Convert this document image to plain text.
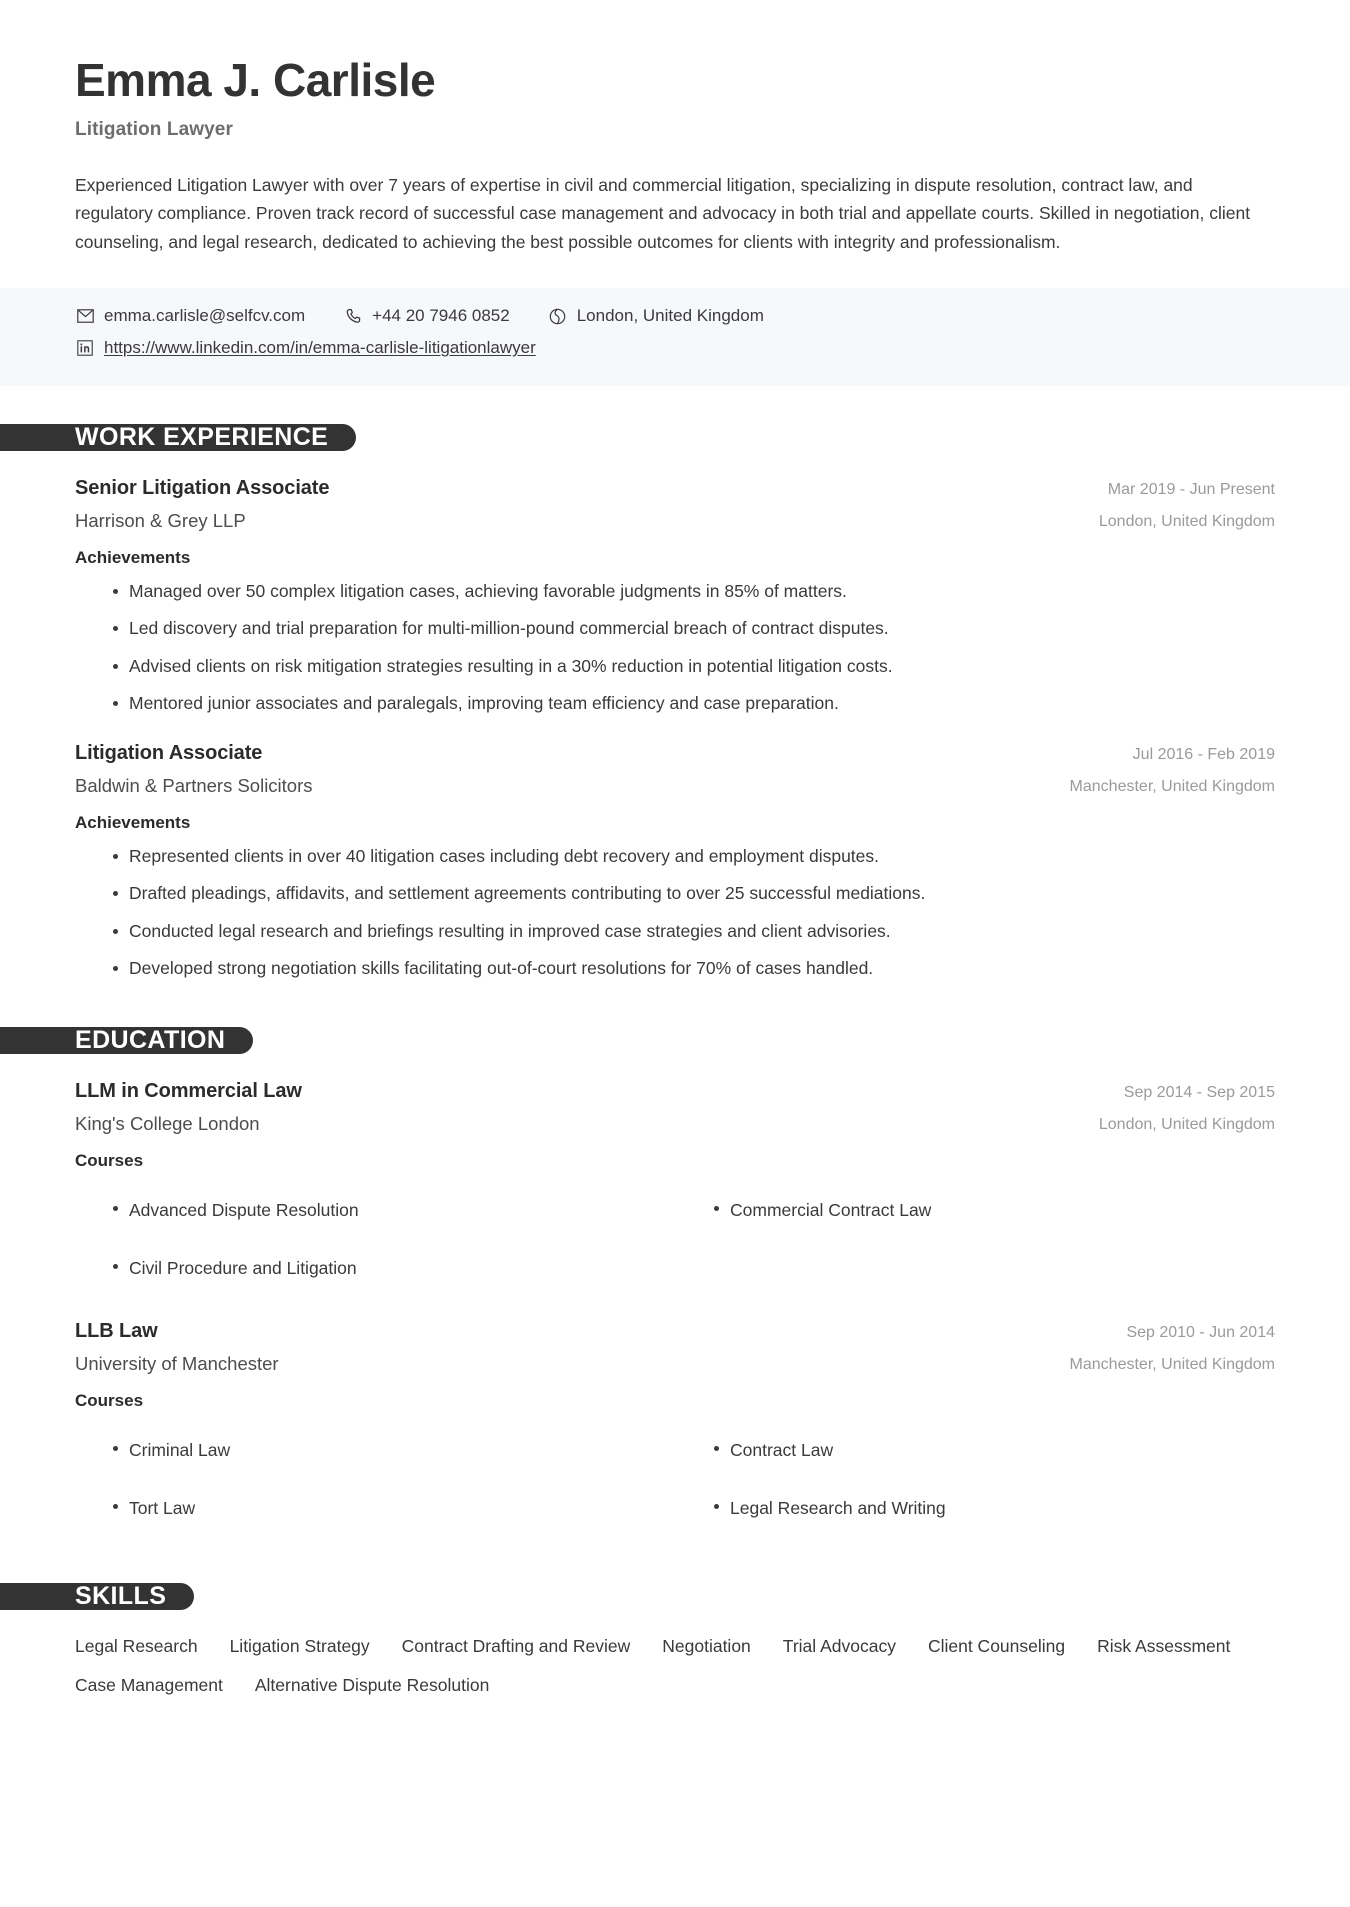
Emma J. Carlisle
Litigation Lawyer
Experienced Litigation Lawyer with over 7 years of expertise in civil and commercial litigation, specializing in dispute resolution, contract law, and regulatory compliance. Proven track record of successful case management and advocacy in both trial and appellate courts. Skilled in negotiation, client counseling, and legal research, dedicated to achieving the best possible outcomes for clients with integrity and professionalism.
emma.carlisle@selfcv.com	+44 20 7946 0852	London, United Kingdom
https://www.linkedin.com/in/emma-carlisle-litigationlawyer
WORK EXPERIENCE
Senior Litigation Associate
Harrison & Grey LLP
Mar 2019 - Jun Present
London, United Kingdom
Achievements
Managed over 50 complex litigation cases, achieving favorable judgments in 85% of matters.
Led discovery and trial preparation for multi-million-pound commercial breach of contract disputes.
Advised clients on risk mitigation strategies resulting in a 30% reduction in potential litigation costs.
Mentored junior associates and paralegals, improving team efficiency and case preparation.
Litigation Associate
Baldwin & Partners Solicitors
Jul 2016 - Feb 2019
Manchester, United Kingdom
Achievements
Represented clients in over 40 litigation cases including debt recovery and employment disputes.
Drafted pleadings, affidavits, and settlement agreements contributing to over 25 successful mediations.
Conducted legal research and briefings resulting in improved case strategies and client advisories.
Developed strong negotiation skills facilitating out-of-court resolutions for 70% of cases handled.
EDUCATION
LLM in Commercial Law
King's College London
Sep 2014 - Sep 2015
London, United Kingdom
Courses
Advanced Dispute Resolution	Commercial Contract Law
Civil Procedure and Litigation
LLB Law
University of Manchester
Sep 2010 - Jun 2014
Manchester, United Kingdom
Courses
Criminal Law	Contract Law
Tort Law	Legal Research and Writing
SKILLS
Legal Research Litigation Strategy Contract Drafting and Review Negotiation Trial Advocacy Client Counseling Risk Assessment
Case Management Alternative Dispute Resolution
